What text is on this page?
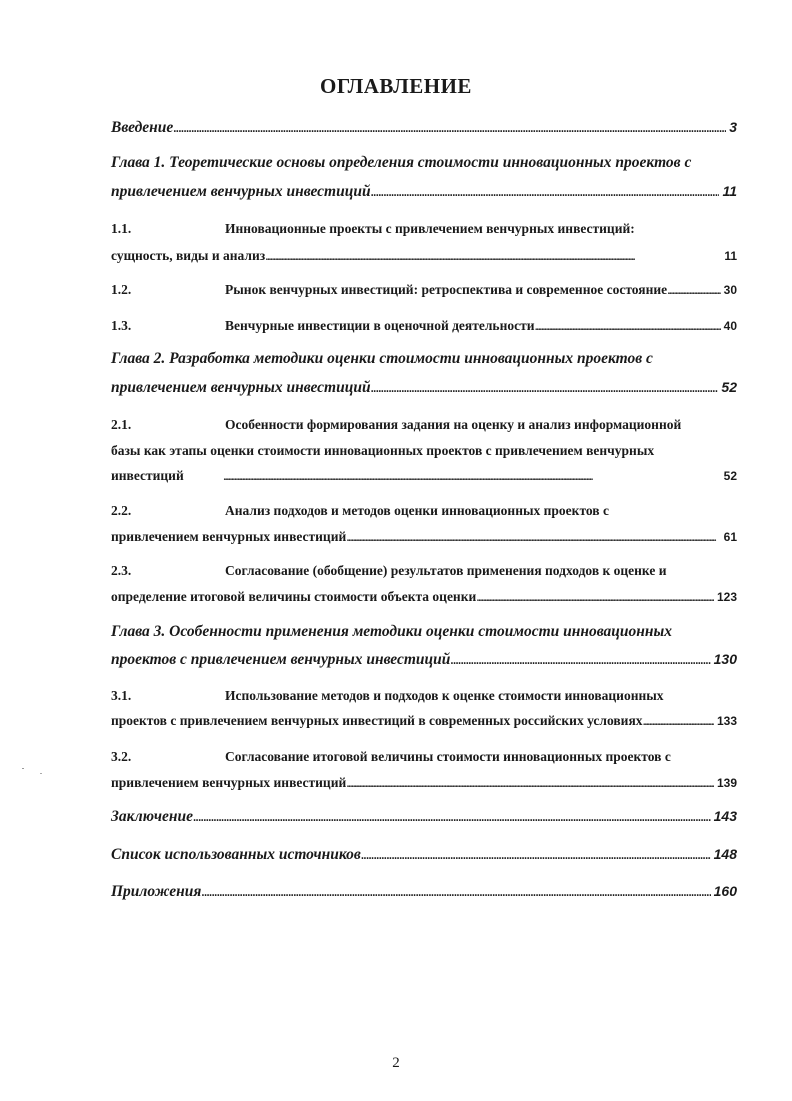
ОГЛАВЛЕНИЕ
Введение . . .	3
Глава 1. Теоретические основы определения стоимости инновационных проектов с
привлечением венчурных инвестиций . . .	11
1.1.	Инновационные проекты с привлечением венчурных инвестиций:
сущность, виды и анализ . . .	11
1.2.	Рынок венчурных инвестиций: ретроспектива и современное состояние . . .	30
1.3.	Венчурные инвестиции в оценочной деятельности . . .	40
Глава 2. Разработка методики оценки стоимости инновационных проектов с
привлечением венчурных инвестиций . . .	52
2.1.	Особенности формирования задания на оценку и анализ информационной
базы как этапы оценки стоимости инновационных проектов с привлечением венчурных
инвестиций . . .	52
2.2.	Анализ подходов и методов оценки инновационных проектов с
привлечением венчурных инвестиций . . .	61
2.3.	Согласование (обобщение) результатов применения подходов к оценке и
определение итоговой величины стоимости объекта оценки . . .	123
Глава 3. Особенности применения методики оценки стоимости инновационных
проектов с привлечением венчурных инвестиций . . .	130
3.1.	Использование методов и подходов к оценке стоимости инновационных
проектов с привлечением венчурных инвестиций в современных российских условиях . . .	133
3.2.	Согласование итоговой величины стоимости инновационных проектов с
привлечением венчурных инвестиций . . .	139
Заключение . . .	143
Список использованных источников . . .	148
Приложения . . .	160
2
